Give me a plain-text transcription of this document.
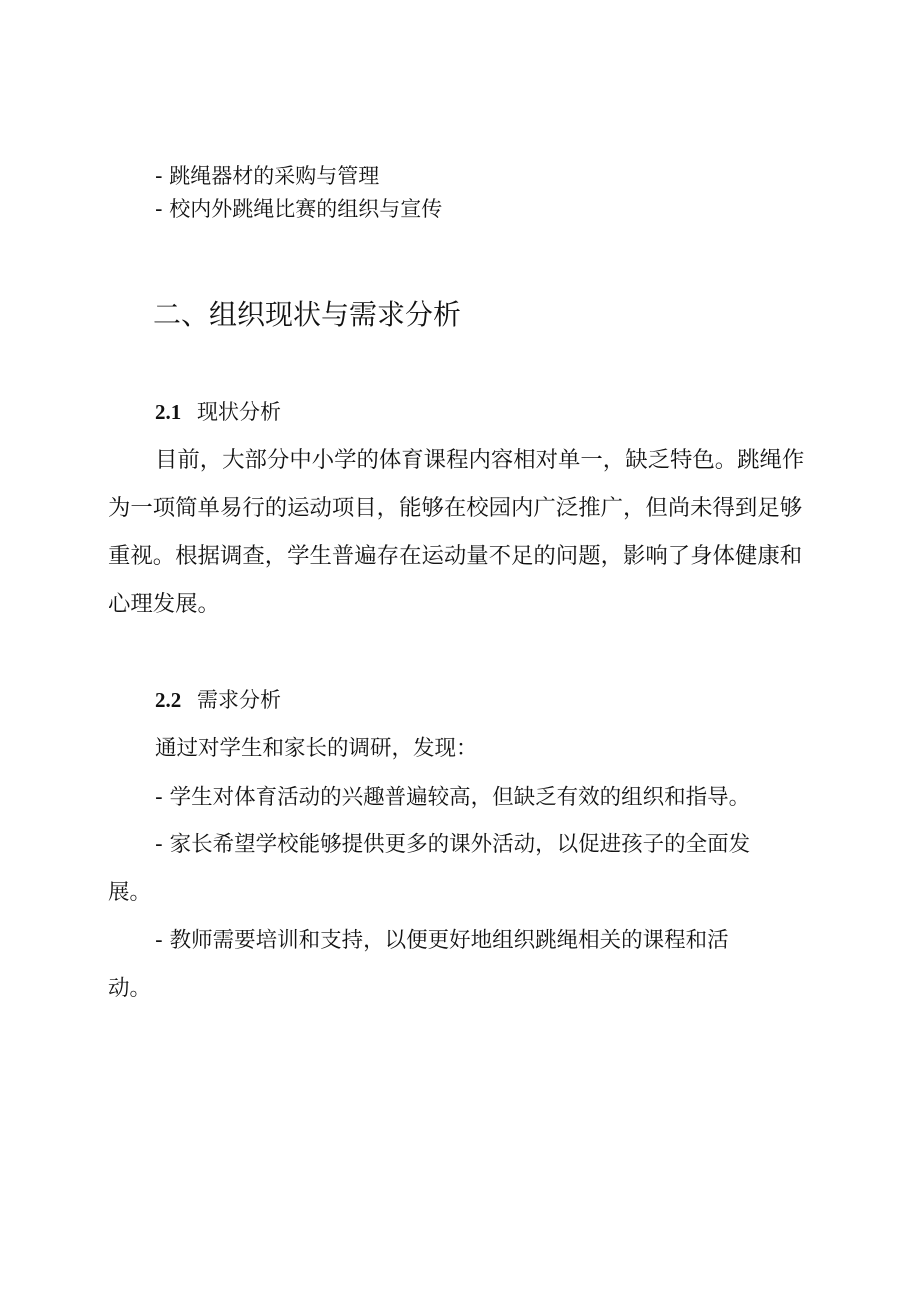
- 跳绳器材的采购与管理
- 校内外跳绳比赛的组织与宣传
二、组织现状与需求分析
2.1 现状分析
目前，大部分中小学的体育课程内容相对单一，缺乏特色。跳绳作
为一项简单易行的运动项目，能够在校园内广泛推广，但尚未得到足够
重视。根据调查，学生普遍存在运动量不足的问题，影响了身体健康和
心理发展。
2.2 需求分析
通过对学生和家长的调研，发现：
- 学生对体育活动的兴趣普遍较高，但缺乏有效的组织和指导。
- 家长希望学校能够提供更多的课外活动，以促进孩子的全面发
展。
- 教师需要培训和支持，以便更好地组织跳绳相关的课程和活
动。
